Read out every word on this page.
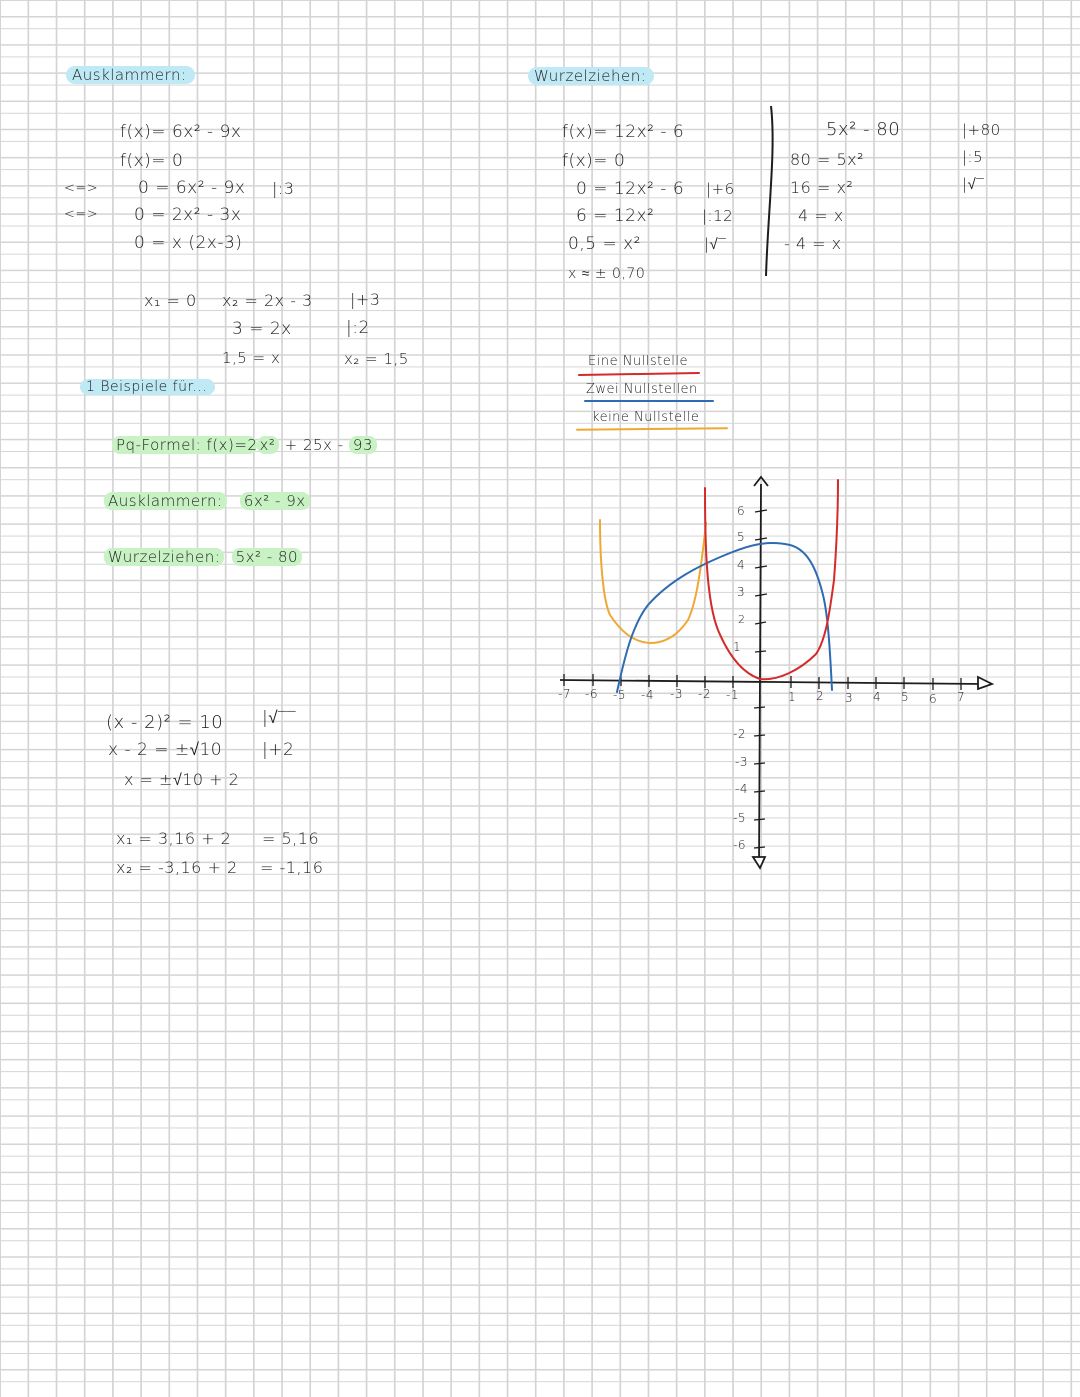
Ausklammern:
f(x)= 6x² - 9x
f(x)= 0
<=> 0 = 6x² - 9x |:3
<=> 0 = 2x² - 3x
0 = x (2x-3)
x₁ = 0 x₂ = 2x - 3 |+3
3 = 2x	|:2
1,5 = x	x₂ = 1,5
1 Beispiele für...
Pq-Formel: f(x)=2 x² + 25x - 93
Ausklammern: 6x² - 9x
Wurzelziehen: 5x² - 80
(x - 2)² = 10 |√‾‾
x - 2 = ±√10 |+2
x = ±√10 + 2
x₁ = 3,16 + 2 = 5,16
x₂ = -3,16 + 2 = -1,16
Wurzelziehen:
f(x)= 12x² - 6
f(x)= 0
0 = 12x² - 6 |+6
6 = 12x²	|:12
0,5 = x²	|√‾
x ≈ ± 0,70
5x² - 80	|+80
80 = 5x²	|:5
16 = x²	|√‾
4 = x
- 4 = x
Eine Nullstelle
Zwei Nullstellen
keine Nullstelle
-7 -6 -5 -4 -3 -2 -1	1 2 3 4 5 6 7
6
5
4
3
2
1
-2
-3
-4
-5
-6
